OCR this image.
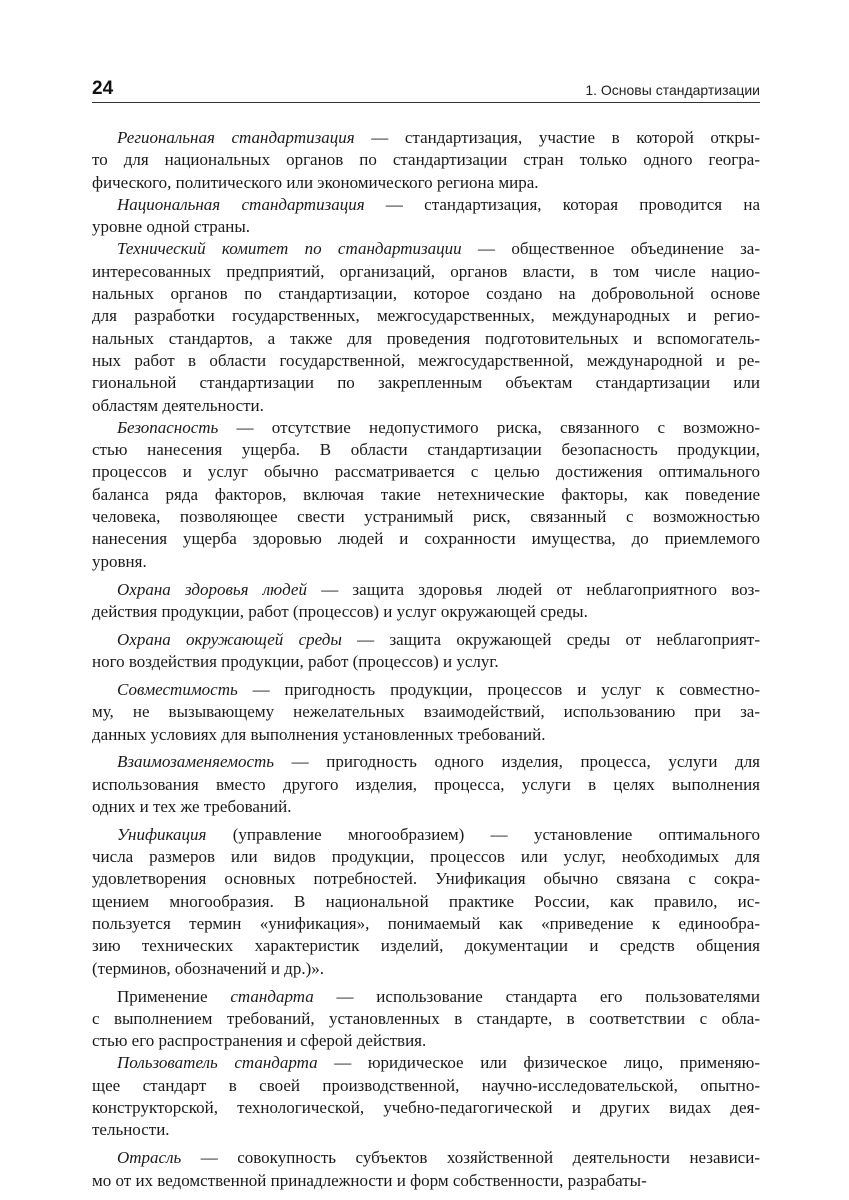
24	1. Основы стандартизации
Региональная стандартизация — стандартизация, участие в которой откры-
то для национальных органов по стандартизации стран только одного геогра-
фического, политического или экономического региона мира.
Национальная стандартизация — стандартизация, которая проводится на
уровне одной страны.
Технический комитет по стандартизации — общественное объединение за-
интересованных предприятий, организаций, органов власти, в том числе нацио-
нальных органов по стандартизации, которое создано на добровольной основе
для разработки государственных, межгосударственных, международных и регио-
нальных стандартов, а также для проведения подготовительных и вспомогатель-
ных работ в области государственной, межгосударственной, международной и ре-
гиональной стандартизации по закрепленным объектам стандартизации или
областям деятельности.
Безопасность — отсутствие недопустимого риска, связанного с возможно-
стью нанесения ущерба. В области стандартизации безопасность продукции,
процессов и услуг обычно рассматривается с целью достижения оптимального
баланса ряда факторов, включая такие нетехнические факторы, как поведение
человека, позволяющее свести устранимый риск, связанный с возможностью
нанесения ущерба здоровью людей и сохранности имущества, до приемлемого
уровня.
Охрана здоровья людей — защита здоровья людей от неблагоприятного воз-
действия продукции, работ (процессов) и услуг окружающей среды.
Охрана окружающей среды — защита окружающей среды от неблагоприят-
ного воздействия продукции, работ (процессов) и услуг.
Совместимость — пригодность продукции, процессов и услуг к совместно-
му, не вызывающему нежелательных взаимодействий, использованию при за-
данных условиях для выполнения установленных требований.
Взаимозаменяемость — пригодность одного изделия, процесса, услуги для
использования вместо другого изделия, процесса, услуги в целях выполнения
одних и тех же требований.
Унификация (управление многообразием) — установление оптимального
числа размеров или видов продукции, процессов или услуг, необходимых для
удовлетворения основных потребностей. Унификация обычно связана с сокра-
щением многообразия. В национальной практике России, как правило, ис-
пользуется термин «унификация», понимаемый как «приведение к единообра-
зию технических характеристик изделий, документации и средств общения
(терминов, обозначений и др.)».
Применение стандарта — использование стандарта его пользователями
с выполнением требований, установленных в стандарте, в соответствии с обла-
стью его распространения и сферой действия.
Пользователь стандарта — юридическое или физическое лицо, применяю-
щее стандарт в своей производственной, научно-исследовательской, опытно-
конструкторской, технологической, учебно-педагогической и других видах дея-
тельности.
Отрасль — совокупность субъектов хозяйственной деятельности независи-
мо от их ведомственной принадлежности и форм собственности, разрабаты-
